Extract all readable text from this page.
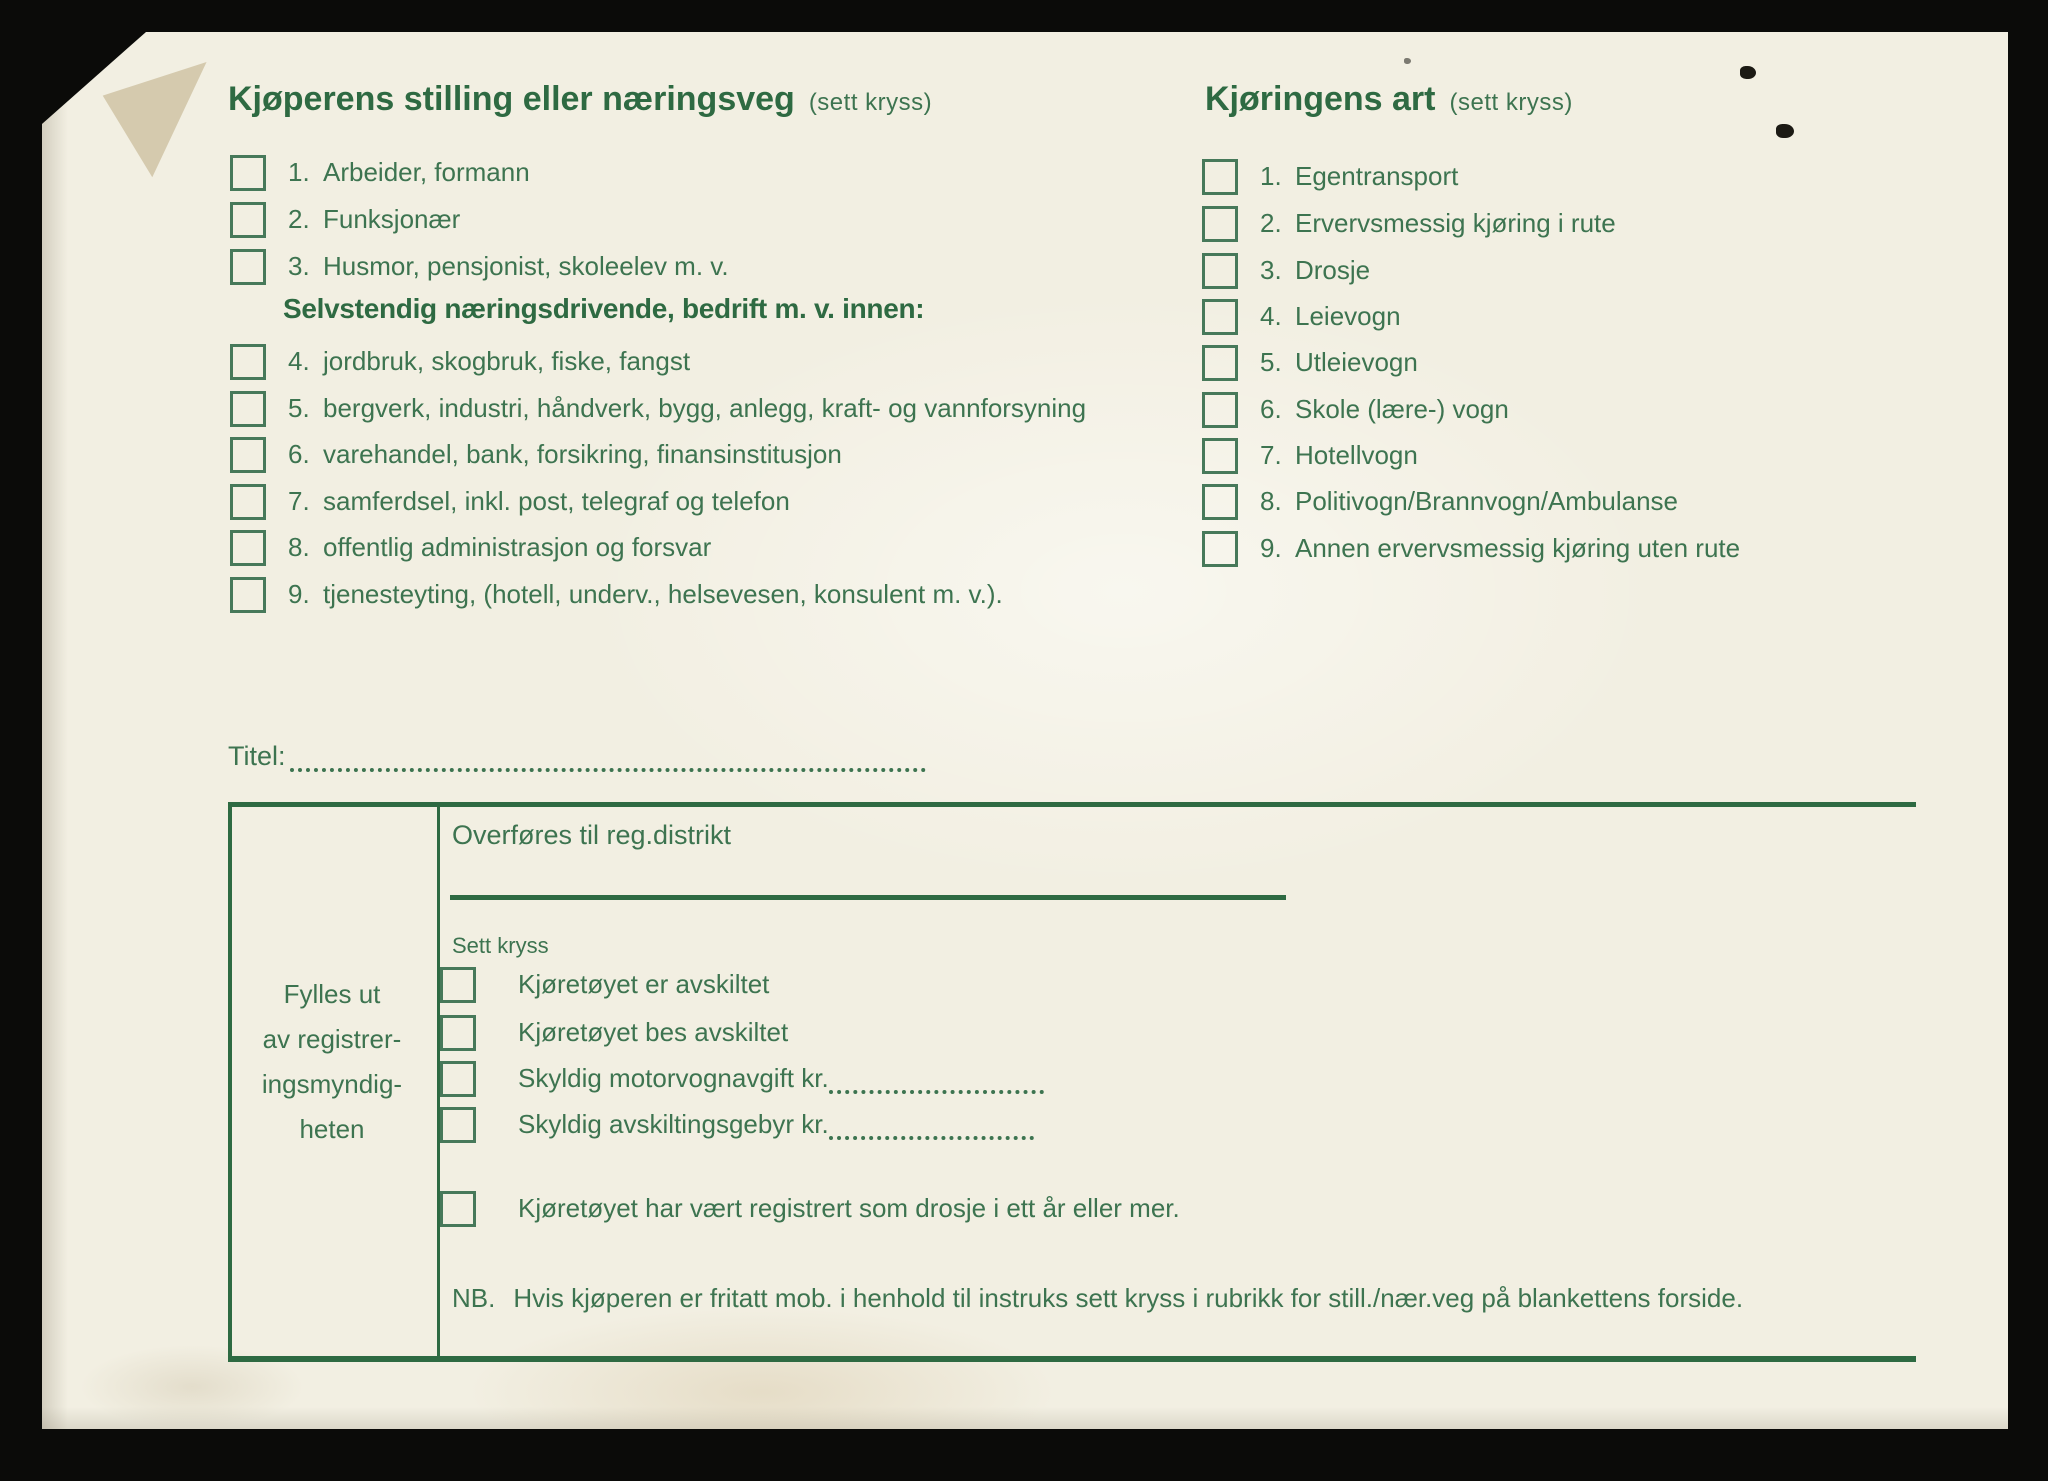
Kjøperens stilling eller næringsveg (sett kryss)
1. Arbeider, formann
2. Funksjonær
3. Husmor, pensjonist, skoleelev m. v.
Selvstendig næringsdrivende, bedrift m. v. innen:
4. jordbruk, skogbruk, fiske, fangst
5. bergverk, industri, håndverk, bygg, anlegg, kraft- og vannforsyning
6. varehandel, bank, forsikring, finansinstitusjon
7. samferdsel, inkl. post, telegraf og telefon
8. offentlig administrasjon og forsvar
9. tjenesteyting, (hotell, underv., helsevesen, konsulent m. v.).
Kjøringens art (sett kryss)
1. Egentransport
2. Ervervsmessig kjøring i rute
3. Drosje
4. Leievogn
5. Utleievogn
6. Skole (lære-) vogn
7. Hotellvogn
8. Politivogn/Brannvogn/Ambulanse
9. Annen ervervsmessig kjøring uten rute
Titel:
Fylles ut
av registrer-
ingsmyndig-
heten
Overføres til reg.distrikt
Sett kryss
Kjøretøyet er avskiltet
Kjøretøyet bes avskiltet
Skyldig motorvognavgift kr.
Skyldig avskiltingsgebyr kr.
Kjøretøyet har vært registrert som drosje i ett år eller mer.
NB. Hvis kjøperen er fritatt mob. i henhold til instruks sett kryss i rubrikk for still./nær.veg på blankettens forside.
